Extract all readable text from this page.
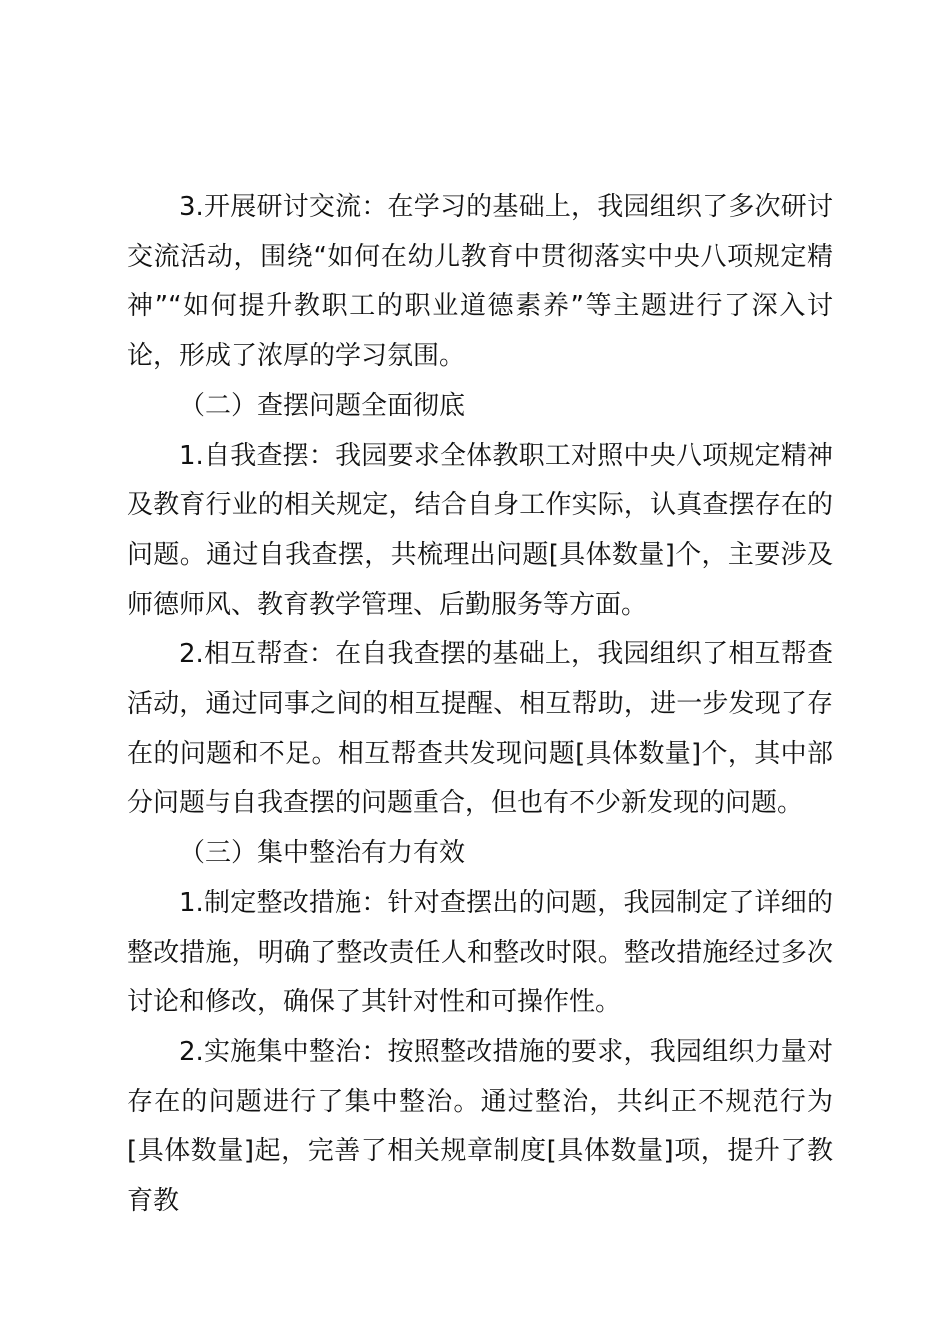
3.开展研讨交流：在学习的基础上，我园组织了多次研讨交流活动，围绕“如何在幼儿教育中贯彻落实中央八项规定精神”“如何提升教职工的职业道德素养”等主题进行了深入讨论，形成了浓厚的学习氛围。

（二）查摆问题全面彻底

1.自我查摆：我园要求全体教职工对照中央八项规定精神及教育行业的相关规定，结合自身工作实际，认真查摆存在的问题。通过自我查摆，共梳理出问题[具体数量]个，主要涉及师德师风、教育教学管理、后勤服务等方面。

2.相互帮查：在自我查摆的基础上，我园组织了相互帮查活动，通过同事之间的相互提醒、相互帮助，进一步发现了存在的问题和不足。相互帮查共发现问题[具体数量]个，其中部分问题与自我查摆的问题重合，但也有不少新发现的问题。

（三）集中整治有力有效

1.制定整改措施：针对查摆出的问题，我园制定了详细的整改措施，明确了整改责任人和整改时限。整改措施经过多次讨论和修改，确保了其针对性和可操作性。

2.实施集中整治：按照整改措施的要求，我园组织力量对存在的问题进行了集中整治。通过整治，共纠正不规范行为[具体数量]起，完善了相关规章制度[具体数量]项，提升了教育教
